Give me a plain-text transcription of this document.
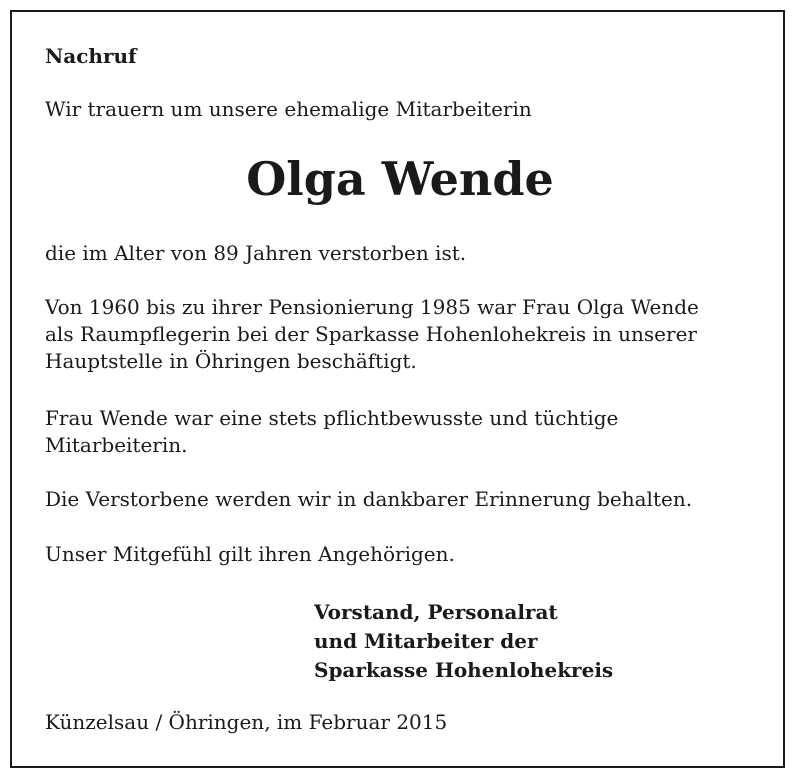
Nachruf
Wir trauern um unsere ehemalige Mitarbeiterin
Olga Wende
die im Alter von 89 Jahren verstorben ist.
Von 1960 bis zu ihrer Pensionierung 1985 war Frau Olga Wende
als Raumpflegerin bei der Sparkasse Hohenlohekreis in unserer
Hauptstelle in Öhringen beschäftigt.
Frau Wende war eine stets pflichtbewusste und tüchtige
Mitarbeiterin.
Die Verstorbene werden wir in dankbarer Erinnerung behalten.
Unser Mitgefühl gilt ihren Angehörigen.
Vorstand, Personalrat
und Mitarbeiter der
Sparkasse Hohenlohekreis
Künzelsau / Öhringen, im Februar 2015
